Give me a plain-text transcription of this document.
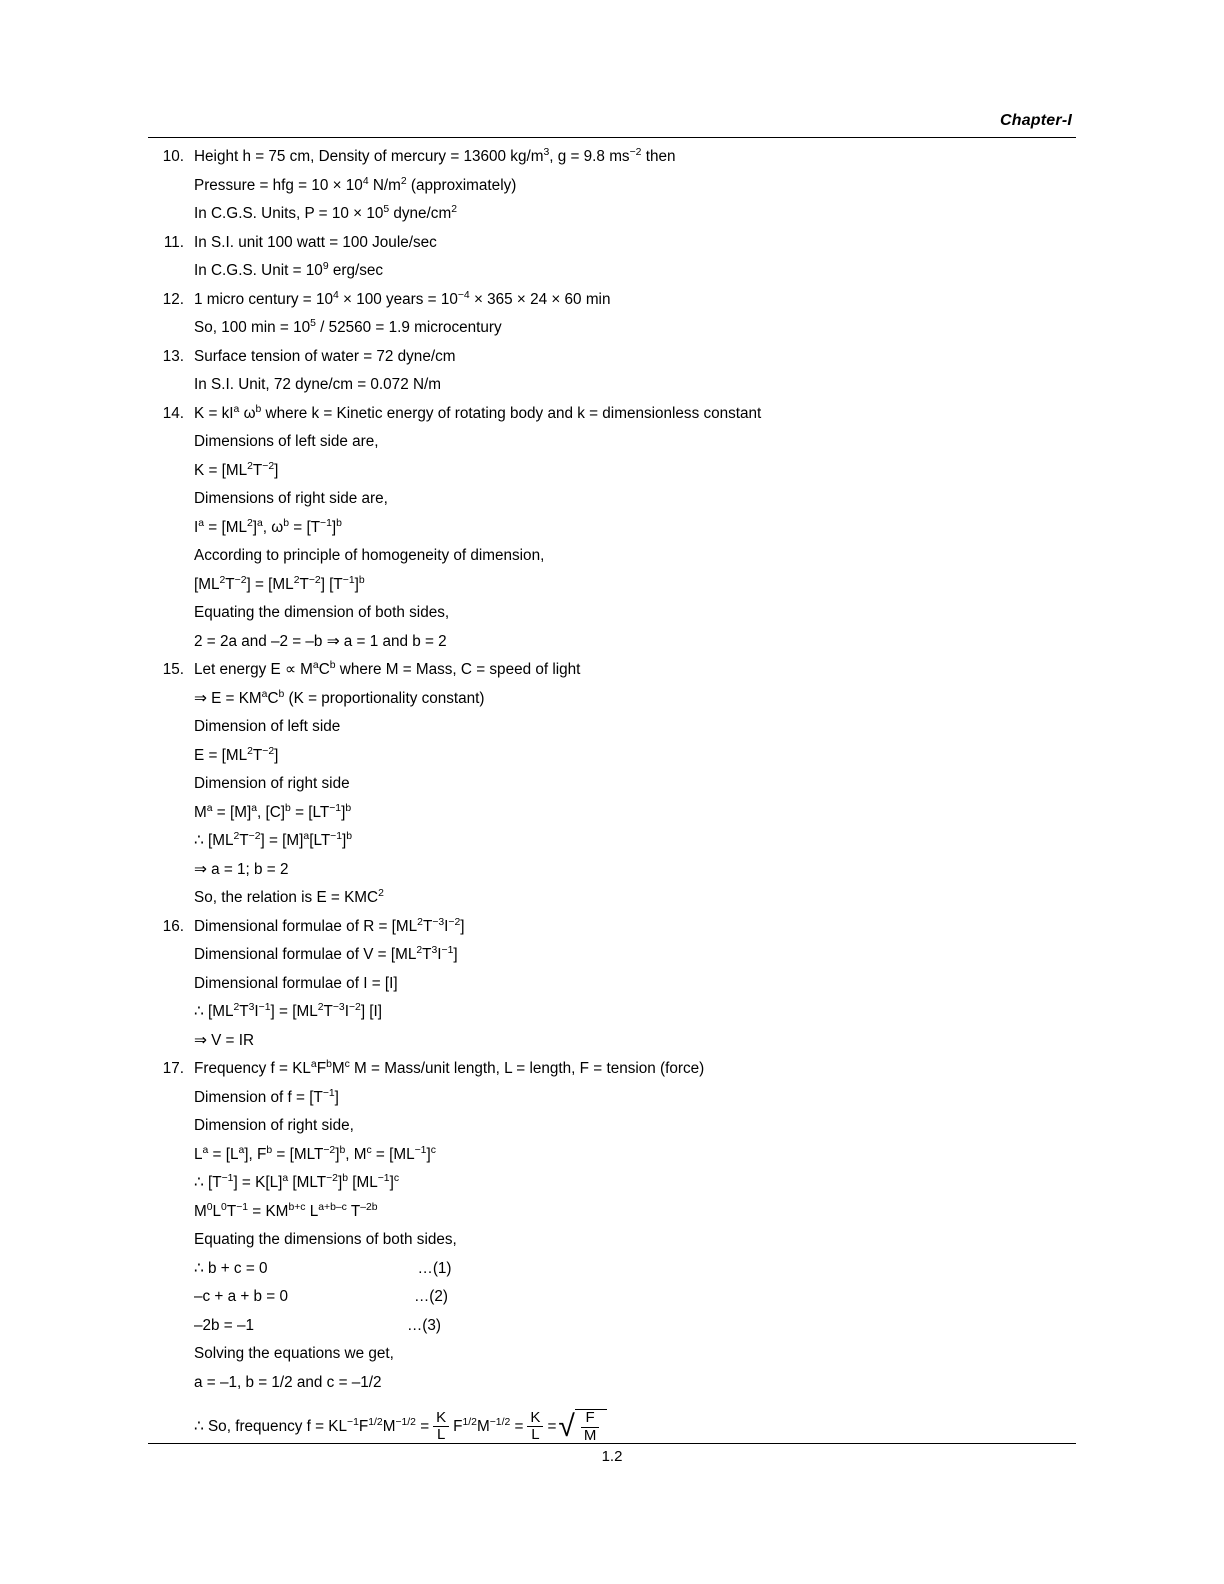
Chapter-I
10. Height h = 75 cm, Density of mercury = 13600 $kg/m^3$, g = 9.8 $ms^{-2}$ then
Pressure = hfg = $10 \times 10^4$ $N/m^2$ (approximately)
In C.G.S. Units, $P = 10 \times 10^5$ dyne/$cm^2$
11. In S.I. unit 100 watt = 100 Joule/sec
In C.G.S. Unit = $10^9$ erg/sec
12. 1 micro century = $10^4 \times 100$ years = $10^{-4} \times 365 \times 24 \times 60$ min
So, 100 $\min = 10^5 / 52560 = 1.9$ microcentury
13. Surface tension of water = 72 dyne/cm
In S.I. Unit, 72 dyne/cm = 0.072 N/m
14. $K = kI^a$ $\omega^b$ where k = Kinetic energy of rotating body and k = dimensionless constant
Dimensions of left side are,
$K = [ML^2T^{-2}]$
Dimensions of right side are,
$I^a = [ML^2]^a$, $\omega^b = [T^{-1}]^b$
According to principle of homogeneity of dimension,
$[ML^2T^{-2}] = [ML^2T^{-2}]$ $[T^{-1}]^b$
Equating the dimension of both sides,
2 = 2a and –2 = –b ⇒ a = 1 and b = 2
15. Let energy $E \propto M^aC^b$ where M = Mass, C = speed of light
⇒ $E = KM^aC^b$ (K = proportionality constant)
Dimension of left side
$E = [ML^2T^{-2}]$
Dimension of right side
$M^a = [M]^a$, $[C]^b = [LT^{-1}]^b$
∴ $[ML^2T^{-2}] = [M]^a[LT^{-1}]^b$
⇒ a = 1; b = 2
So, the relation is $E = KMC^2$
16. Dimensional formulae of $R = [ML^2T^{-3}I^{-2}]$
Dimensional formulae of $V = [ML^2T^3I^{-1}]$
Dimensional formulae of I = [I]
∴ $[ML^2T^3I^{-1}] = [ML^2T^{-3}I^{-2}]$ [I]
⇒ V = IR
17. Frequency $f = KL^aF^bM^c$ M = Mass/unit length, L = length, F = tension (force)
Dimension of $f = [T^{-1}]$
Dimension of right side,
$L^a = [L^a]$, $F^b = [MLT^{-2}]^b$, $M^c = [ML^{-1}]^c$
∴ $[T^{-1}] = K[L]^a$ $[MLT^{-2}]^b$ $[ML^{-1}]^c$
$M^0L^0T^{-1} = KM^{b+c}$ $L^{a+b-c}$ $T^{-2b}$
Equating the dimensions of both sides,
∴ b + c = 0	…(1)
–c + a + b = 0	…(2)
–2b = –1	…(3)
Solving the equations we get,
a = –1, b = 1/2 and c = –1/2
∴ So, frequency $f = KL^{-1}F^{1/2}M^{-1/2} = \frac{K}{L} F^{1/2}M^{-1/2} = \frac{K}{L}$ = √ $\frac{F}{M}$
1.2
